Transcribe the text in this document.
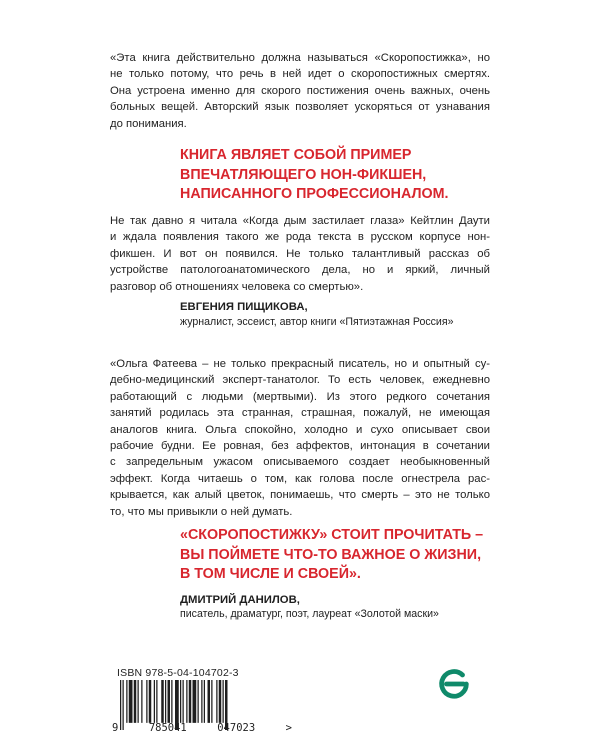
«Эта книга действительно должна называться «Скоропостижка», но
не только потому, что речь в ней идет о скоропостижных смертях.
Она устроена именно для скорого постижения очень важных, очень
больных вещей. Авторский язык позволяет ускоряться от узнавания
до понимания.
КНИГА ЯВЛЯЕТ СОБОЙ ПРИМЕР
ВПЕЧАТЛЯЮЩЕГО НОН-ФИКШЕН,
НАПИСАННОГО ПРОФЕССИОНАЛОМ.
Не так давно я читала «Когда дым застилает глаза» Кейтлин Даути
и ждала появления такого же рода текста в русском корпусе нон-
фикшен. И вот он появился. Не только талантливый рассказ об
устройстве патологоанатомического дела, но и яркий, личный
разговор об отношениях человека со смертью».

ЕВГЕНИЯ ПИЩИКОВА,

журналист, эссеист, автор книги «Пятиэтажная Россия»

«Ольга Фатеева – не только прекрасный писатель, но и опытный су-
дебно-медицинский эксперт-танатолог. То есть человек, ежедневно
работающий с людьми (мертвыми). Из этого редкого сочетания
занятий родилась эта странная, страшная, пожалуй, не имеющая
аналогов книга. Ольга спокойно, холодно и сухо описывает свои
рабочие будни. Ее ровная, без аффектов, интонация в сочетании
с запредельным ужасом описываемого создает необыкновенный
эффект. Когда читаешь о том, как голова после огнестрела рас-
крывается, как алый цветок, понимаешь, что смерть – это не только
то, что мы привыкли о ней думать.
«СКОРОПОСТИЖКУ» СТОИТ ПРОЧИТАТЬ –
ВЫ ПОЙМЕТЕ ЧТО-ТО ВАЖНОЕ О ЖИЗНИ,
В ТОМ ЧИСЛЕ И СВОЕЙ».

ДМИТРИЙ ДАНИЛОВ,

писатель, драматург, поэт, лауреат «Золотой маски»

ISBN 978-5-04-104702-3
9	785041	047023	>
